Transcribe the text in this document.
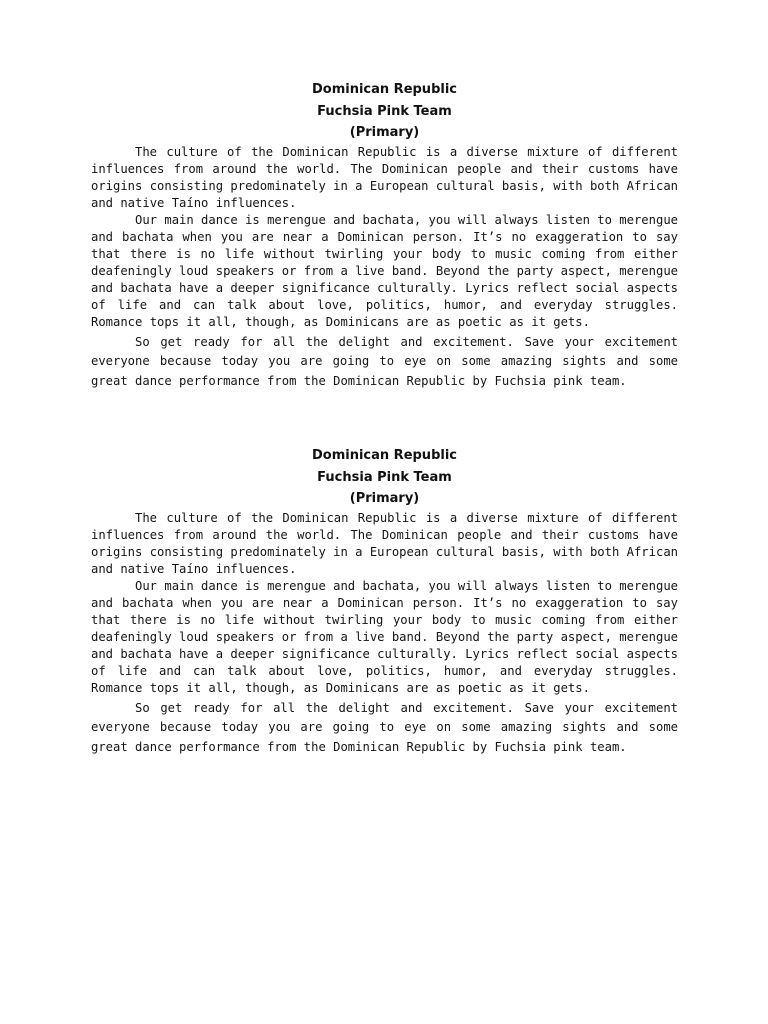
Dominican Republic

Fuchsia Pink Team

(Primary)

The culture of the Dominican Republic is a diverse mixture of different influences from around the world. The Dominican people and their customs have origins consisting predominately in a European cultural basis, with both African and native Taíno influences.

Our main dance is merengue and bachata, you will always listen to merengue and bachata when you are near a Dominican person. It’s no exaggeration to say that there is no life without twirling your body to music coming from either deafeningly loud speakers or from a live band. Beyond the party aspect, merengue and bachata have a deeper significance culturally. Lyrics reflect social aspects of life and can talk about love, politics, humor, and everyday struggles. Romance tops it all, though, as Dominicans are as poetic as it gets.

So get ready for all the delight and excitement. Save your excitement everyone because today you are going to eye on some amazing sights and some great dance performance from the Dominican Republic by Fuchsia pink team.

Dominican Republic

Fuchsia Pink Team

(Primary)

The culture of the Dominican Republic is a diverse mixture of different influences from around the world. The Dominican people and their customs have origins consisting predominately in a European cultural basis, with both African and native Taíno influences.

Our main dance is merengue and bachata, you will always listen to merengue and bachata when you are near a Dominican person. It’s no exaggeration to say that there is no life without twirling your body to music coming from either deafeningly loud speakers or from a live band. Beyond the party aspect, merengue and bachata have a deeper significance culturally. Lyrics reflect social aspects of life and can talk about love, politics, humor, and everyday struggles. Romance tops it all, though, as Dominicans are as poetic as it gets.

So get ready for all the delight and excitement. Save your excitement everyone because today you are going to eye on some amazing sights and some great dance performance from the Dominican Republic by Fuchsia pink team.
